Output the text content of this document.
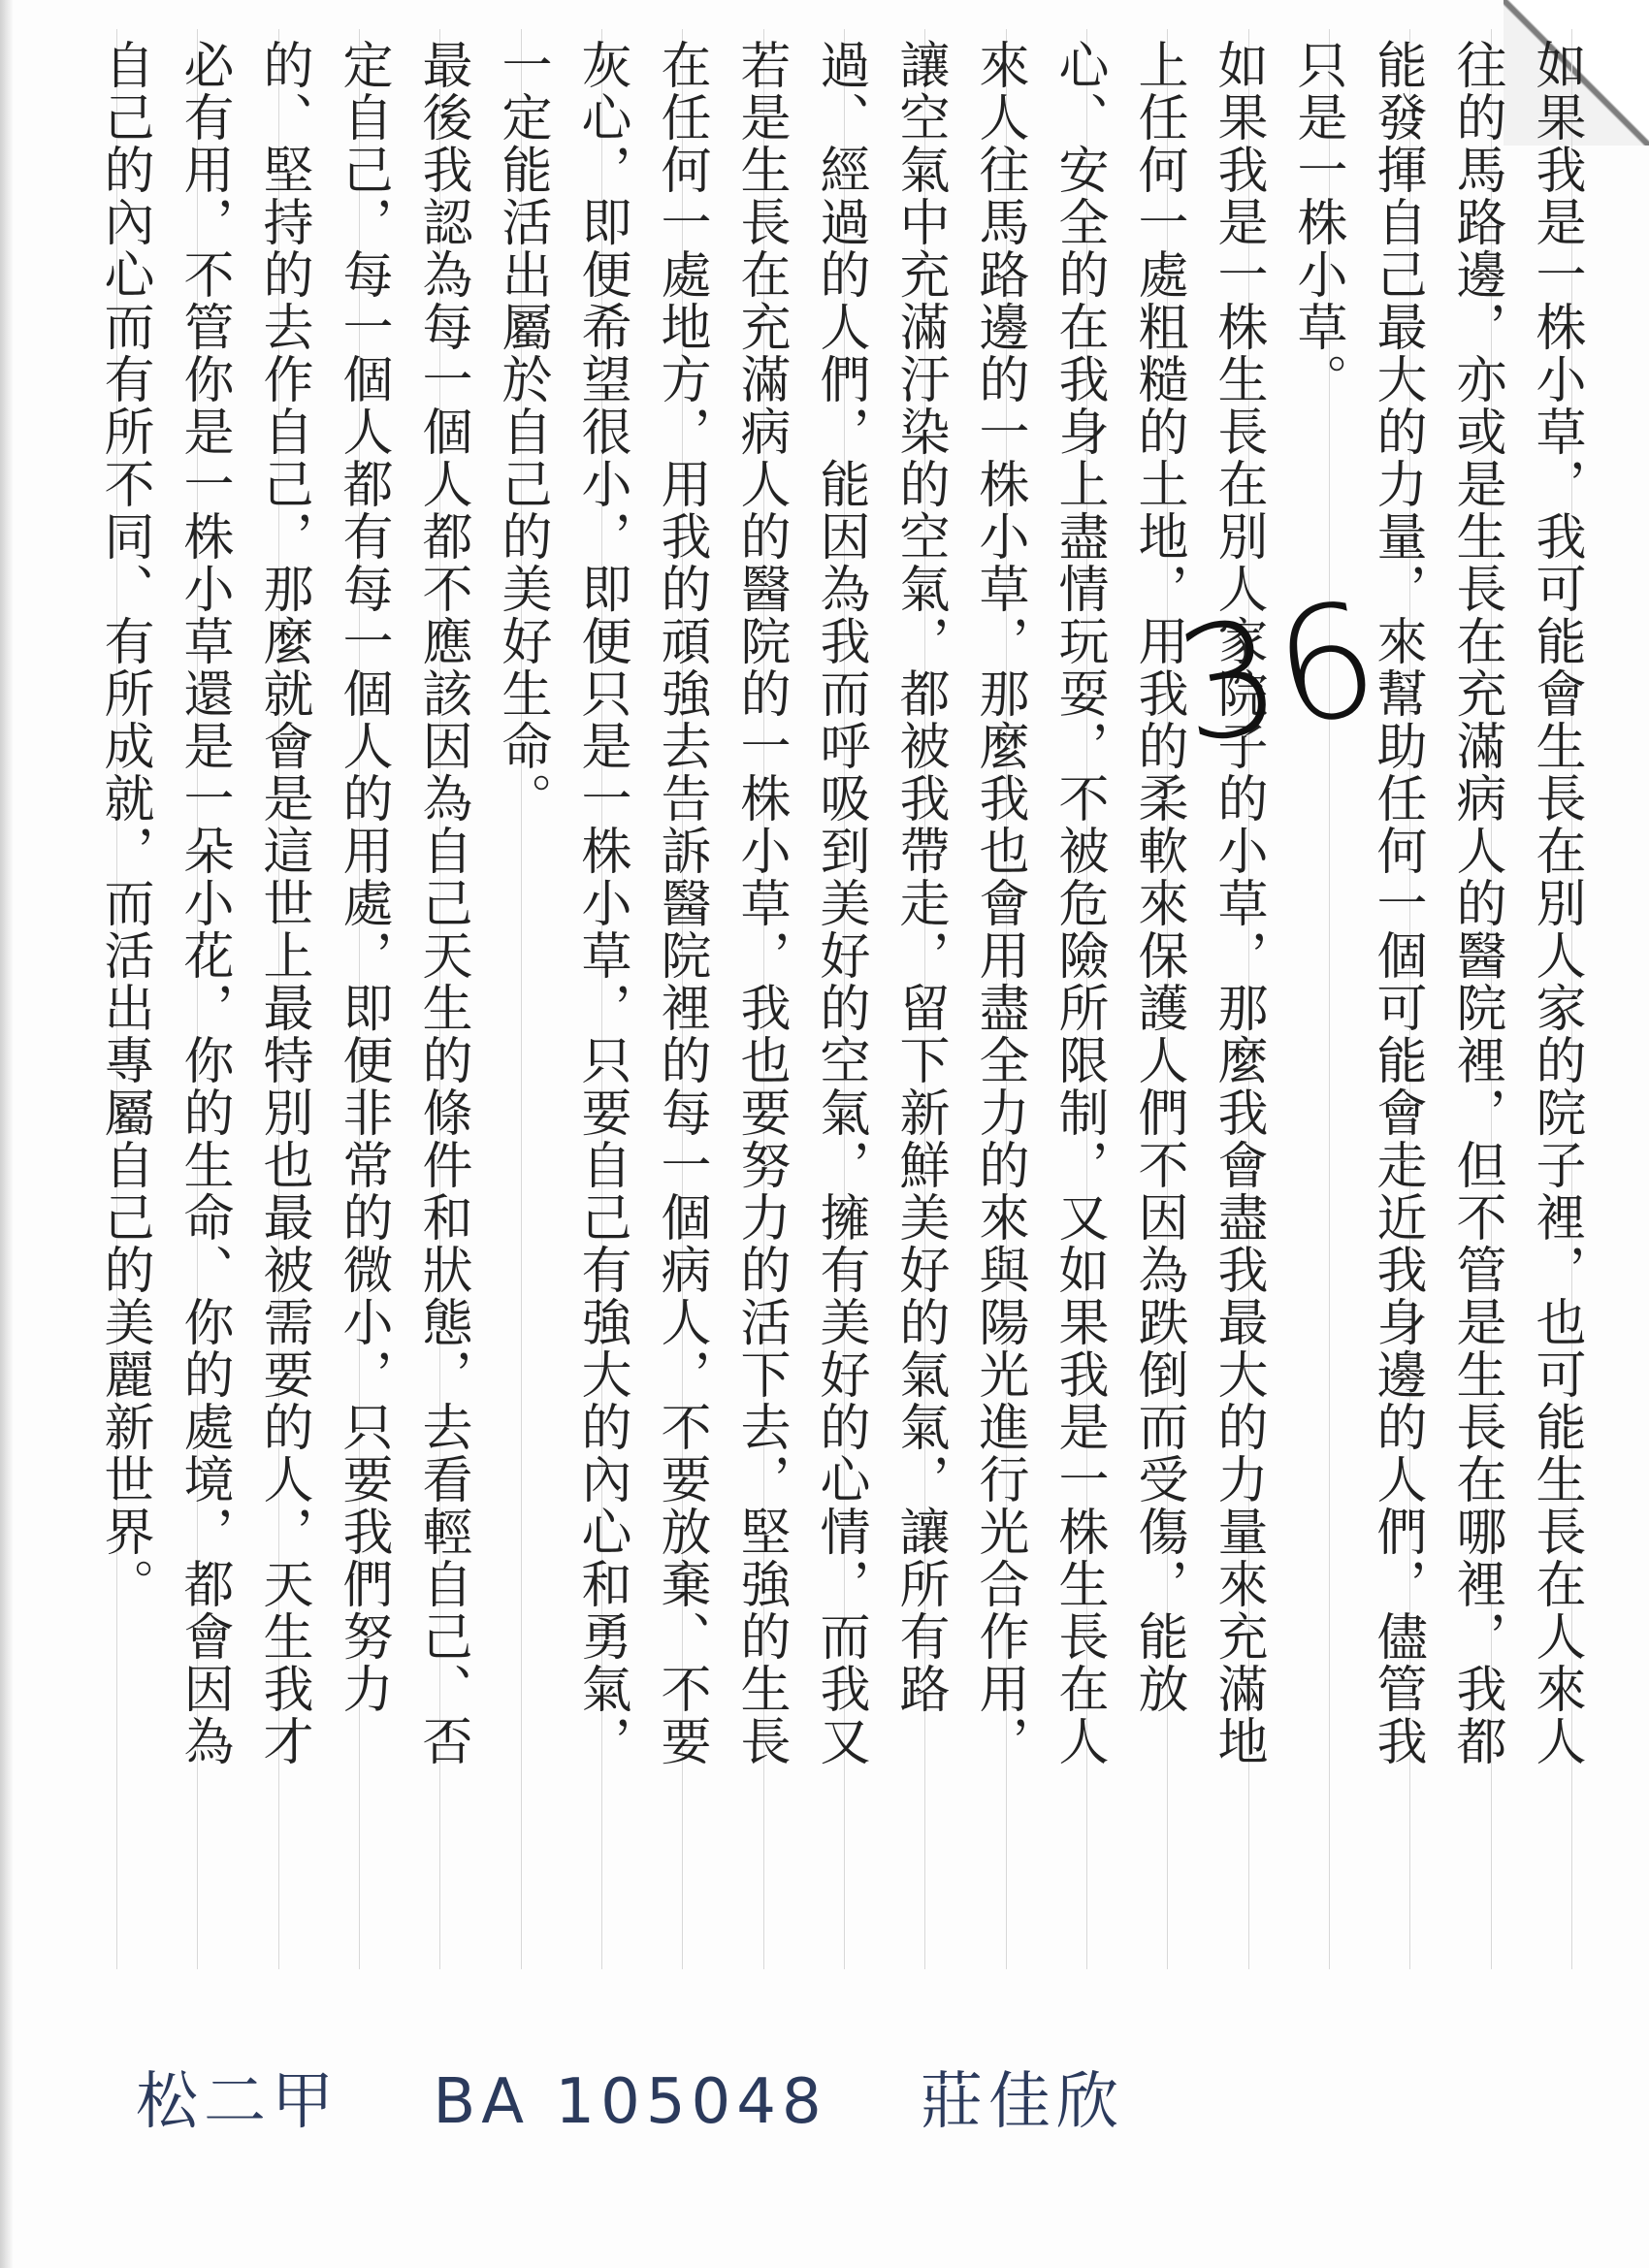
如果我是一株小草，我可能會生長在別人家的院子裡，也可能生長在人來人往的馬路邊，亦或是生長在充滿病人的醫院裡，但不管是生長在哪裡，我都能發揮自己最大的力量，來幫助任何一個可能會走近我身邊的人們，儘管我只是一株小草。

如果我是一株生長在別人家院子的小草，那麼我會盡我最大的力量來充滿地上任何一處粗糙的土地，用我的柔軟來保護人們不因為跌倒而受傷，能放心、安全的在我身上盡情玩耍，不被危險所限制，又如果我是一株生長在人來人往馬路邊的一株小草，那麼我也會用盡全力的來與陽光進行光合作用，讓空氣中充滿汙染的空氣，都被我帶走，留下新鮮美好的氣氣，讓所有路過、經過的人們，能因為我而呼吸到美好的空氣，擁有美好的心情，而我又若是生長在充滿病人的醫院的一株小草，我也要努力的活下去，堅強的生長在任何一處地方，用我的頑強去告訴醫院裡的每一個病人，不要放棄、不要灰心，即便希望很小，即便只是一株小草，只要自己有強大的內心和勇氣，一定能活出屬於自己的美好生命。

最後我認為每一個人都不應該因為自己天生的條件和狀態，去看輕自己、否定自己，每一個人都有每一個人的用處，即便非常的微小，只要我們努力的、堅持的去作自己，那麼就會是這世上最特別也最被需要的人，天生我才必有用，不管你是一株小草還是一朵小花，你的生命、你的處境，都會因為自己的內心而有所不同、有所成就，而活出專屬自己的美麗新世界。	36
松二甲 BA 105048 莊佳欣
